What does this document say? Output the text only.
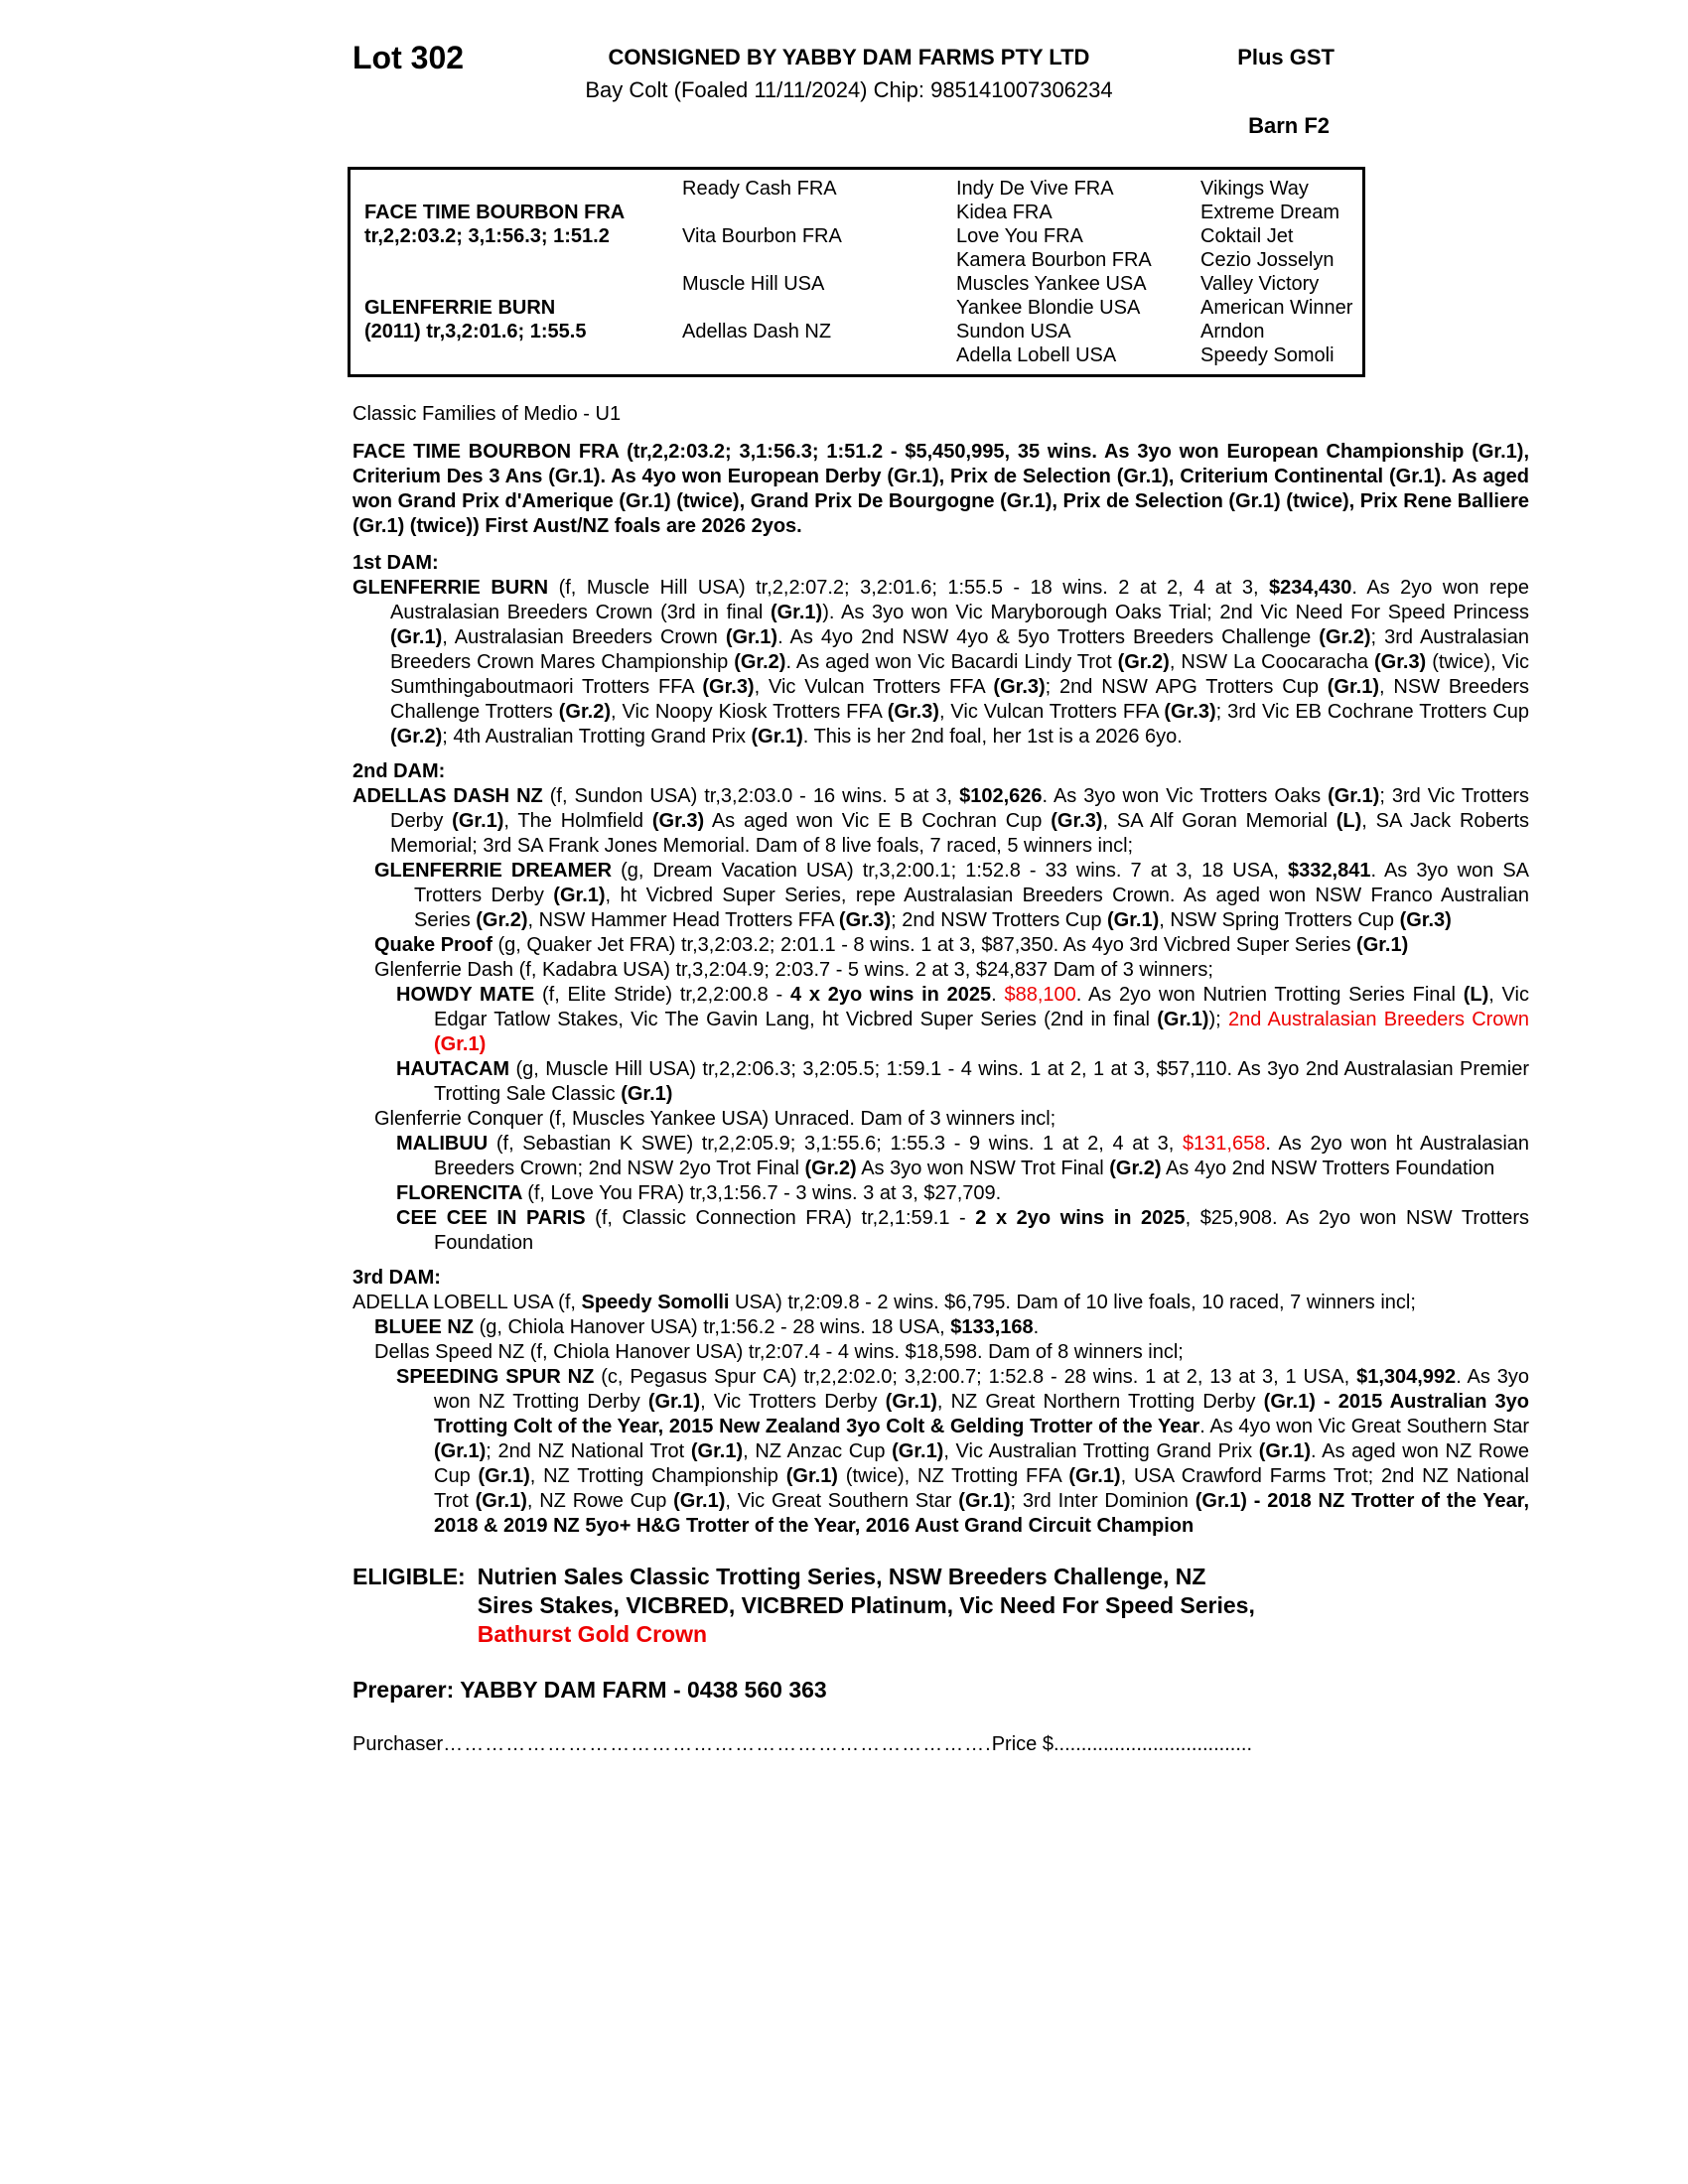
Lot 302	CONSIGNED BY YABBY DAM FARMS PTY LTD
Bay Colt (Foaled 11/11/2024) Chip: 985141007306234
Plus GST
Barn F2
	Ready Cash FRA	Indy De Vive FRA	Vikings Way
FACE TIME BOURBON FRA		Kidea FRA	Extreme Dream
tr,2,2:03.2; 3,1:56.3; 1:51.2	Vita Bourbon FRA	Love You FRA	Coktail Jet
		Kamera Bourbon FRA	Cezio Josselyn
	Muscle Hill USA	Muscles Yankee USA	Valley Victory
GLENFERRIE BURN		Yankee Blondie USA	American Winner
(2011) tr,3,2:01.6; 1:55.5	Adellas Dash NZ	Sundon USA	Arndon
		Adella Lobell USA	Speedy Somoli
Classic Families of Medio - U1
FACE TIME BOURBON FRA (tr,2,2:03.2; 3,1:56.3; 1:51.2 - $5,450,995, 35 wins. As 3yo won European Championship (Gr.1), Criterium Des 3 Ans (Gr.1). As 4yo won European Derby (Gr.1), Prix de Selection (Gr.1), Criterium Continental (Gr.1). As aged won Grand Prix d'Amerique (Gr.1) (twice), Grand Prix De Bourgogne (Gr.1), Prix de Selection (Gr.1) (twice), Prix Rene Balliere (Gr.1) (twice)) First Aust/NZ foals are 2026 2yos.
1st DAM:
GLENFERRIE BURN (f, Muscle Hill USA) tr,2,2:07.2; 3,2:01.6; 1:55.5 - 18 wins. 2 at 2, 4 at 3, $234,430. As 2yo won repe Australasian Breeders Crown (3rd in final (Gr.1)). As 3yo won Vic Maryborough Oaks Trial; 2nd Vic Need For Speed Princess (Gr.1), Australasian Breeders Crown (Gr.1). As 4yo 2nd NSW 4yo & 5yo Trotters Breeders Challenge (Gr.2); 3rd Australasian Breeders Crown Mares Championship (Gr.2). As aged won Vic Bacardi Lindy Trot (Gr.2), NSW La Coocaracha (Gr.3) (twice), Vic Sumthingaboutmaori Trotters FFA (Gr.3), Vic Vulcan Trotters FFA (Gr.3); 2nd NSW APG Trotters Cup (Gr.1), NSW Breeders Challenge Trotters (Gr.2), Vic Noopy Kiosk Trotters FFA (Gr.3), Vic Vulcan Trotters FFA (Gr.3); 3rd Vic EB Cochrane Trotters Cup (Gr.2); 4th Australian Trotting Grand Prix (Gr.1). This is her 2nd foal, her 1st is a 2026 6yo.
2nd DAM:
ADELLAS DASH NZ (f, Sundon USA) tr,3,2:03.0 - 16 wins. 5 at 3, $102,626. As 3yo won Vic Trotters Oaks (Gr.1); 3rd Vic Trotters Derby (Gr.1), The Holmfield (Gr.3) As aged won Vic E B Cochran Cup (Gr.3), SA Alf Goran Memorial (L), SA Jack Roberts Memorial; 3rd SA Frank Jones Memorial. Dam of 8 live foals, 7 raced, 5 winners incl;
GLENFERRIE DREAMER (g, Dream Vacation USA) tr,3,2:00.1; 1:52.8 - 33 wins. 7 at 3, 18 USA, $332,841. As 3yo won SA Trotters Derby (Gr.1), ht Vicbred Super Series, repe Australasian Breeders Crown. As aged won NSW Franco Australian Series (Gr.2), NSW Hammer Head Trotters FFA (Gr.3); 2nd NSW Trotters Cup (Gr.1), NSW Spring Trotters Cup (Gr.3)
Quake Proof (g, Quaker Jet FRA) tr,3,2:03.2; 2:01.1 - 8 wins. 1 at 3, $87,350. As 4yo 3rd Vicbred Super Series (Gr.1)
Glenferrie Dash (f, Kadabra USA) tr,3,2:04.9; 2:03.7 - 5 wins. 2 at 3, $24,837 Dam of 3 winners;
HOWDY MATE (f, Elite Stride) tr,2,2:00.8 - 4 x 2yo wins in 2025. $88,100. As 2yo won Nutrien Trotting Series Final (L), Vic Edgar Tatlow Stakes, Vic The Gavin Lang, ht Vicbred Super Series (2nd in final (Gr.1)); 2nd Australasian Breeders Crown (Gr.1)
HAUTACAM (g, Muscle Hill USA) tr,2,2:06.3; 3,2:05.5; 1:59.1 - 4 wins. 1 at 2, 1 at 3, $57,110. As 3yo 2nd Australasian Premier Trotting Sale Classic (Gr.1)
Glenferrie Conquer (f, Muscles Yankee USA) Unraced. Dam of 3 winners incl;
MALIBUU (f, Sebastian K SWE) tr,2,2:05.9; 3,1:55.6; 1:55.3 - 9 wins. 1 at 2, 4 at 3, $131,658. As 2yo won ht Australasian Breeders Crown; 2nd NSW 2yo Trot Final (Gr.2) As 3yo won NSW Trot Final (Gr.2) As 4yo 2nd NSW Trotters Foundation
FLORENCITA (f, Love You FRA) tr,3,1:56.7 - 3 wins. 3 at 3, $27,709.
CEE CEE IN PARIS (f, Classic Connection FRA) tr,2,1:59.1 - 2 x 2yo wins in 2025, $25,908. As 2yo won NSW Trotters Foundation
3rd DAM:
ADELLA LOBELL USA (f, Speedy Somolli USA) tr,2:09.8 - 2 wins. $6,795. Dam of 10 live foals, 10 raced, 7 winners incl;
BLUEE NZ (g, Chiola Hanover USA) tr,1:56.2 - 28 wins. 18 USA, $133,168.
Dellas Speed NZ (f, Chiola Hanover USA) tr,2:07.4 - 4 wins. $18,598. Dam of 8 winners incl;
SPEEDING SPUR NZ (c, Pegasus Spur CA) tr,2,2:02.0; 3,2:00.7; 1:52.8 - 28 wins. 1 at 2, 13 at 3, 1 USA, $1,304,992. As 3yo won NZ Trotting Derby (Gr.1), Vic Trotters Derby (Gr.1), NZ Great Northern Trotting Derby (Gr.1) - 2015 Australian 3yo Trotting Colt of the Year, 2015 New Zealand 3yo Colt & Gelding Trotter of the Year. As 4yo won Vic Great Southern Star (Gr.1); 2nd NZ National Trot (Gr.1), NZ Anzac Cup (Gr.1), Vic Australian Trotting Grand Prix (Gr.1). As aged won NZ Rowe Cup (Gr.1), NZ Trotting Championship (Gr.1) (twice), NZ Trotting FFA (Gr.1), USA Crawford Farms Trot; 2nd NZ National Trot (Gr.1), NZ Rowe Cup (Gr.1), Vic Great Southern Star (Gr.1); 3rd Inter Dominion (Gr.1) - 2018 NZ Trotter of the Year, 2018 & 2019 NZ 5yo+ H&G Trotter of the Year, 2016 Aust Grand Circuit Champion
ELIGIBLE: Nutrien Sales Classic Trotting Series, NSW Breeders Challenge, NZ
Sires Stakes, VICBRED, VICBRED Platinum, Vic Need For Speed Series,
Bathurst Gold Crown
Preparer: YABBY DAM FARM - 0438 560 363
Purchaser…………………………………………………………………….Price $....................................
